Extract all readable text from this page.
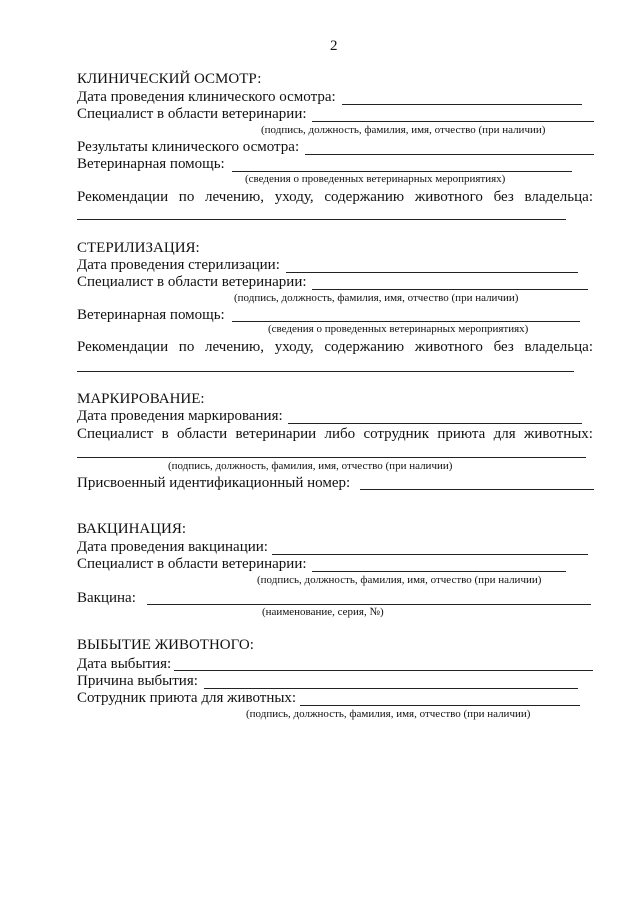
2
КЛИНИЧЕСКИЙ ОСМОТР:
Дата проведения клинического осмотра:
Специалист в области ветеринарии:
(подпись, должность, фамилия, имя, отчество (при наличии)
Результаты клинического осмотра:
Ветеринарная помощь:
(сведения о проведенных ветеринарных мероприятиях)
Рекомендации по лечению, уходу, содержанию животного без владельца:
СТЕРИЛИЗАЦИЯ:
Дата проведения стерилизации:
Специалист в области ветеринарии:
(подпись, должность, фамилия, имя, отчество (при наличии)
Ветеринарная помощь:
(сведения о проведенных ветеринарных мероприятиях)
Рекомендации по лечению, уходу, содержанию животного без владельца:
МАРКИРОВАНИЕ:
Дата проведения маркирования:
Специалист в области ветеринарии либо сотрудник приюта для животных:
(подпись, должность, фамилия, имя, отчество (при наличии)
Присвоенный идентификационный номер:
ВАКЦИНАЦИЯ:
Дата проведения вакцинации:
Специалист в области ветеринарии:
(подпись, должность, фамилия, имя, отчество (при наличии)
Вакцина:
(наименование, серия, №)
ВЫБЫТИЕ ЖИВОТНОГО:
Дата выбытия:
Причина выбытия:
Сотрудник приюта для животных:
(подпись, должность, фамилия, имя, отчество (при наличии)
